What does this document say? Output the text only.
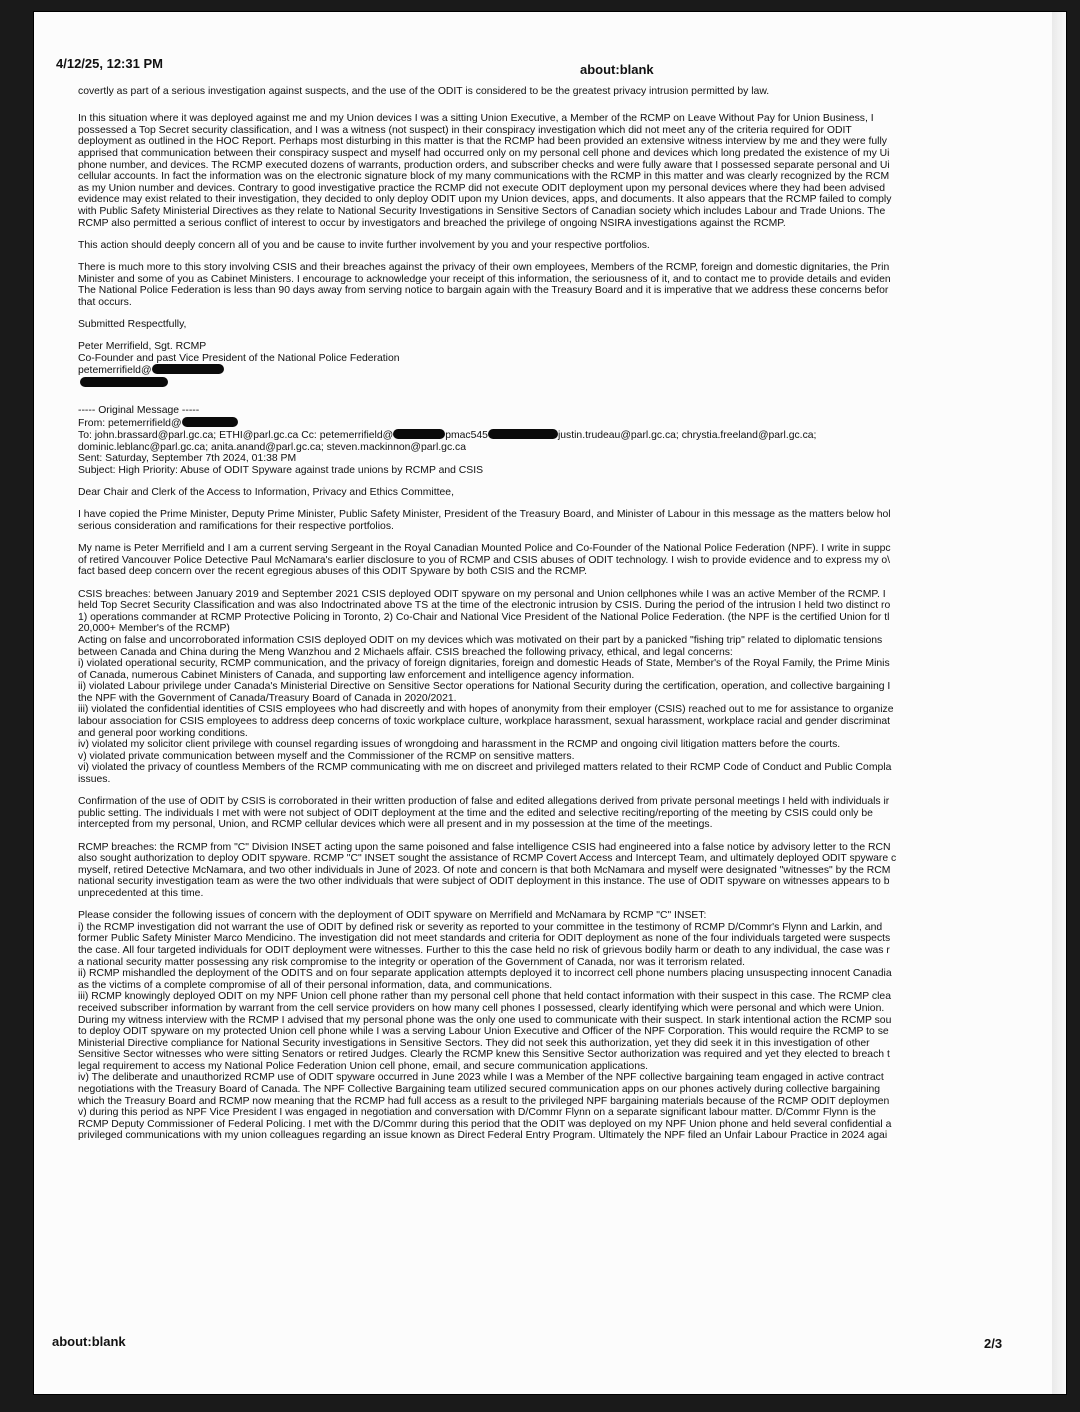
4/12/25, 12:31 PM	about:blank
covertly as part of a serious investigation against suspects, and the use of the ODIT is considered to be the greatest privacy intrusion permitted by law.
In this situation where it was deployed against me and my Union devices I was a sitting Union Executive, a Member of the RCMP on Leave Without Pay for Union Business, I
possessed a Top Secret security classification, and I was a witness (not suspect) in their conspiracy investigation which did not meet any of the criteria required for ODIT
deployment as outlined in the HOC Report. Perhaps most disturbing in this matter is that the RCMP had been provided an extensive witness interview by me and they were fully
apprised that communication between their conspiracy suspect and myself had occurred only on my personal cell phone and devices which long predated the existence of my Ui
phone number, and devices. The RCMP executed dozens of warrants, production orders, and subscriber checks and were fully aware that I possessed separate personal and Ui
cellular accounts. In fact the information was on the electronic signature block of my many communications with the RCMP in this matter and was clearly recognized by the RCM
as my Union number and devices. Contrary to good investigative practice the RCMP did not execute ODIT deployment upon my personal devices where they had been advised
evidence may exist related to their investigation, they decided to only deploy ODIT upon my Union devices, apps, and documents. It also appears that the RCMP failed to comply
with Public Safety Ministerial Directives as they relate to National Security Investigations in Sensitive Sectors of Canadian society which includes Labour and Trade Unions. The
RCMP also permitted a serious conflict of interest to occur by investigators and breached the privilege of ongoing NSIRA investigations against the RCMP.
This action should deeply concern all of you and be cause to invite further involvement by you and your respective portfolios.
There is much more to this story involving CSIS and their breaches against the privacy of their own employees, Members of the RCMP, foreign and domestic dignitaries, the Prin
Minister and some of you as Cabinet Ministers. I encourage to acknowledge your receipt of this information, the seriousness of it, and to contact me to provide details and eviden
The National Police Federation is less than 90 days away from serving notice to bargain again with the Treasury Board and it is imperative that we address these concerns befor
that occurs.
Submitted Respectfully,
Peter Merrifield, Sgt. RCMP
Co-Founder and past Vice President of the National Police Federation
petemerrifield@
----- Original Message -----
From: petemerrifield@
To: john.brassard@parl.gc.ca; ETHI@parl.gc.ca Cc: petemerrifield@	pmac545	justin.trudeau@parl.gc.ca; chrystia.freeland@parl.gc.ca;
dominic.leblanc@parl.gc.ca; anita.anand@parl.gc.ca; steven.mackinnon@parl.gc.ca
Sent: Saturday, September 7th 2024, 01:38 PM
Subject: High Priority: Abuse of ODIT Spyware against trade unions by RCMP and CSIS
Dear Chair and Clerk of the Access to Information, Privacy and Ethics Committee,
I have copied the Prime Minister, Deputy Prime Minister, Public Safety Minister, President of the Treasury Board, and Minister of Labour in this message as the matters below hol
serious consideration and ramifications for their respective portfolios.
My name is Peter Merrifield and I am a current serving Sergeant in the Royal Canadian Mounted Police and Co-Founder of the National Police Federation (NPF). I write in suppc
of retired Vancouver Police Detective Paul McNamara's earlier disclosure to you of RCMP and CSIS abuses of ODIT technology. I wish to provide evidence and to express my o\
fact based deep concern over the recent egregious abuses of this ODIT Spyware by both CSIS and the RCMP.
CSIS breaches: between January 2019 and September 2021 CSIS deployed ODIT spyware on my personal and Union cellphones while I was an active Member of the RCMP. I
held Top Secret Security Classification and was also Indoctrinated above TS at the time of the electronic intrusion by CSIS. During the period of the intrusion I held two distinct ro
1) operations commander at RCMP Protective Policing in Toronto, 2) Co-Chair and National Vice President of the National Police Federation. (the NPF is the certified Union for tl
20,000+ Member's of the RCMP)
Acting on false and uncorroborated information CSIS deployed ODIT on my devices which was motivated on their part by a panicked "fishing trip" related to diplomatic tensions
between Canada and China during the Meng Wanzhou and 2 Michaels affair. CSIS breached the following privacy, ethical, and legal concerns:
i) violated operational security, RCMP communication, and the privacy of foreign dignitaries, foreign and domestic Heads of State, Member's of the Royal Family, the Prime Minis
of Canada, numerous Cabinet Ministers of Canada, and supporting law enforcement and intelligence agency information.
ii) violated Labour privilege under Canada's Ministerial Directive on Sensitive Sector operations for National Security during the certification, operation, and collective bargaining I
the NPF with the Government of Canada/Treasury Board of Canada in 2020/2021.
iii) violated the confidential identities of CSIS employees who had discreetly and with hopes of anonymity from their employer (CSIS) reached out to me for assistance to organize
labour association for CSIS employees to address deep concerns of toxic workplace culture, workplace harassment, sexual harassment, workplace racial and gender discriminat
and general poor working conditions.
iv) violated my solicitor client privilege with counsel regarding issues of wrongdoing and harassment in the RCMP and ongoing civil litigation matters before the courts.
v) violated private communication between myself and the Commissioner of the RCMP on sensitive matters.
vi) violated the privacy of countless Members of the RCMP communicating with me on discreet and privileged matters related to their RCMP Code of Conduct and Public Compla
issues.
Confirmation of the use of ODIT by CSIS is corroborated in their written production of false and edited allegations derived from private personal meetings I held with individuals ir
public setting. The individuals I met with were not subject of ODIT deployment at the time and the edited and selective reciting/reporting of the meeting by CSIS could only be
intercepted from my personal, Union, and RCMP cellular devices which were all present and in my possession at the time of the meetings.
RCMP breaches: the RCMP from "C" Division INSET acting upon the same poisoned and false intelligence CSIS had engineered into a false notice by advisory letter to the RCN
also sought authorization to deploy ODIT spyware. RCMP "C" INSET sought the assistance of RCMP Covert Access and Intercept Team, and ultimately deployed ODIT spyware c
myself, retired Detective McNamara, and two other individuals in June of 2023. Of note and concern is that both McNamara and myself were designated "witnesses" by the RCM
national security investigation team as were the two other individuals that were subject of ODIT deployment in this instance. The use of ODIT spyware on witnesses appears to b
unprecedented at this time.
Please consider the following issues of concern with the deployment of ODIT spyware on Merrifield and McNamara by RCMP "C" INSET:
i) the RCMP investigation did not warrant the use of ODIT by defined risk or severity as reported to your committee in the testimony of RCMP D/Commr's Flynn and Larkin, and
former Public Safety Minister Marco Mendicino. The investigation did not meet standards and criteria for ODIT deployment as none of the four individuals targeted were suspects
the case. All four targeted individuals for ODIT deployment were witnesses. Further to this the case held no risk of grievous bodily harm or death to any individual, the case was r
a national security matter possessing any risk compromise to the integrity or operation of the Government of Canada, nor was it terrorism related.
ii) RCMP mishandled the deployment of the ODITS and on four separate application attempts deployed it to incorrect cell phone numbers placing unsuspecting innocent Canadia
as the victims of a complete compromise of all of their personal information, data, and communications.
iii) RCMP knowingly deployed ODIT on my NPF Union cell phone rather than my personal cell phone that held contact information with their suspect in this case. The RCMP clea
received subscriber information by warrant from the cell service providers on how many cell phones I possessed, clearly identifying which were personal and which were Union.
During my witness interview with the RCMP I advised that my personal phone was the only one used to communicate with their suspect. In stark intentional action the RCMP sou
to deploy ODIT spyware on my protected Union cell phone while I was a serving Labour Union Executive and Officer of the NPF Corporation. This would require the RCMP to se
Ministerial Directive compliance for National Security investigations in Sensitive Sectors. They did not seek this authorization, yet they did seek it in this investigation of other
Sensitive Sector witnesses who were sitting Senators or retired Judges. Clearly the RCMP knew this Sensitive Sector authorization was required and yet they elected to breach t
legal requirement to access my National Police Federation Union cell phone, email, and secure communication applications.
iv) The deliberate and unauthorized RCMP use of ODIT spyware occurred in June 2023 while I was a Member of the NPF collective bargaining team engaged in active contract
negotiations with the Treasury Board of Canada. The NPF Collective Bargaining team utilized secured communication apps on our phones actively during collective bargaining
which the Treasury Board and RCMP now meaning that the RCMP had full access as a result to the privileged NPF bargaining materials because of the RCMP ODIT deploymen
v) during this period as NPF Vice President I was engaged in negotiation and conversation with D/Commr Flynn on a separate significant labour matter. D/Commr Flynn is the
RCMP Deputy Commissioner of Federal Policing. I met with the D/Commr during this period that the ODIT was deployed on my NPF Union phone and held several confidential a
privileged communications with my union colleagues regarding an issue known as Direct Federal Entry Program. Ultimately the NPF filed an Unfair Labour Practice in 2024 agai
about:blank	2/3
